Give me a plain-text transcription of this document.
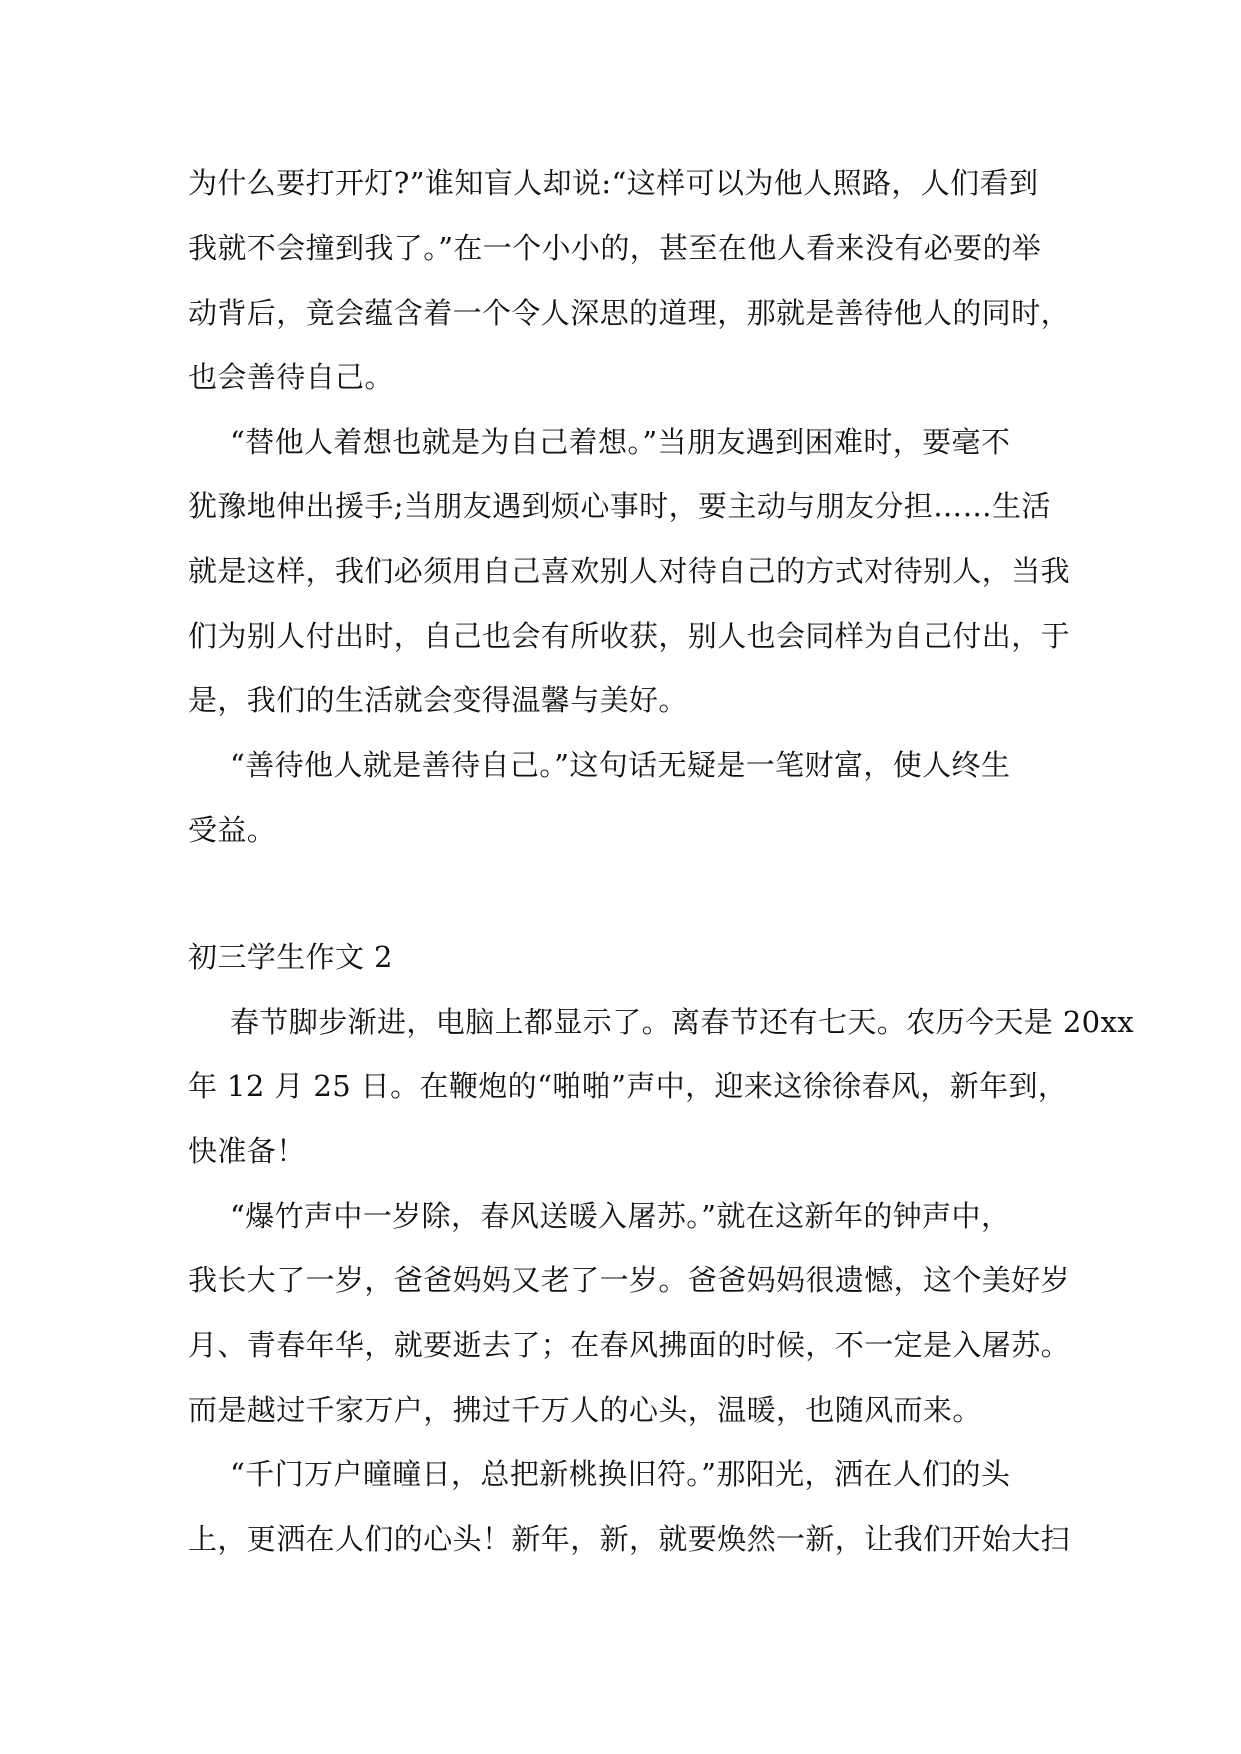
为什么要打开灯?”谁知盲人却说:“这样可以为他人照路，人们看到
我就不会撞到我了。”在一个小小的，甚至在他人看来没有必要的举
动背后，竟会蕴含着一个令人深思的道理，那就是善待他人的同时，
也会善待自己。
“替他人着想也就是为自己着想。”当朋友遇到困难时，要毫不
犹豫地伸出援手;当朋友遇到烦心事时，要主动与朋友分担……生活
就是这样，我们必须用自己喜欢别人对待自己的方式对待别人，当我
们为别人付出时，自己也会有所收获，别人也会同样为自己付出，于
是，我们的生活就会变得温馨与美好。
“善待他人就是善待自己。”这句话无疑是一笔财富，使人终生
受益。
初三学生作文 2
春节脚步渐进，电脑上都显示了。离春节还有七天。农历今天是 20xx
年 12 月 25 日。在鞭炮的“啪啪”声中，迎来这徐徐春风，新年到，
快准备！
“爆竹声中一岁除，春风送暖入屠苏。”就在这新年的钟声中，
我长大了一岁，爸爸妈妈又老了一岁。爸爸妈妈很遗憾，这个美好岁
月、青春年华，就要逝去了；在春风拂面的时候，不一定是入屠苏。
而是越过千家万户，拂过千万人的心头，温暖，也随风而来。
“千门万户曈曈日，总把新桃换旧符。”那阳光，洒在人们的头
上，更洒在人们的心头！新年，新，就要焕然一新，让我们开始大扫
